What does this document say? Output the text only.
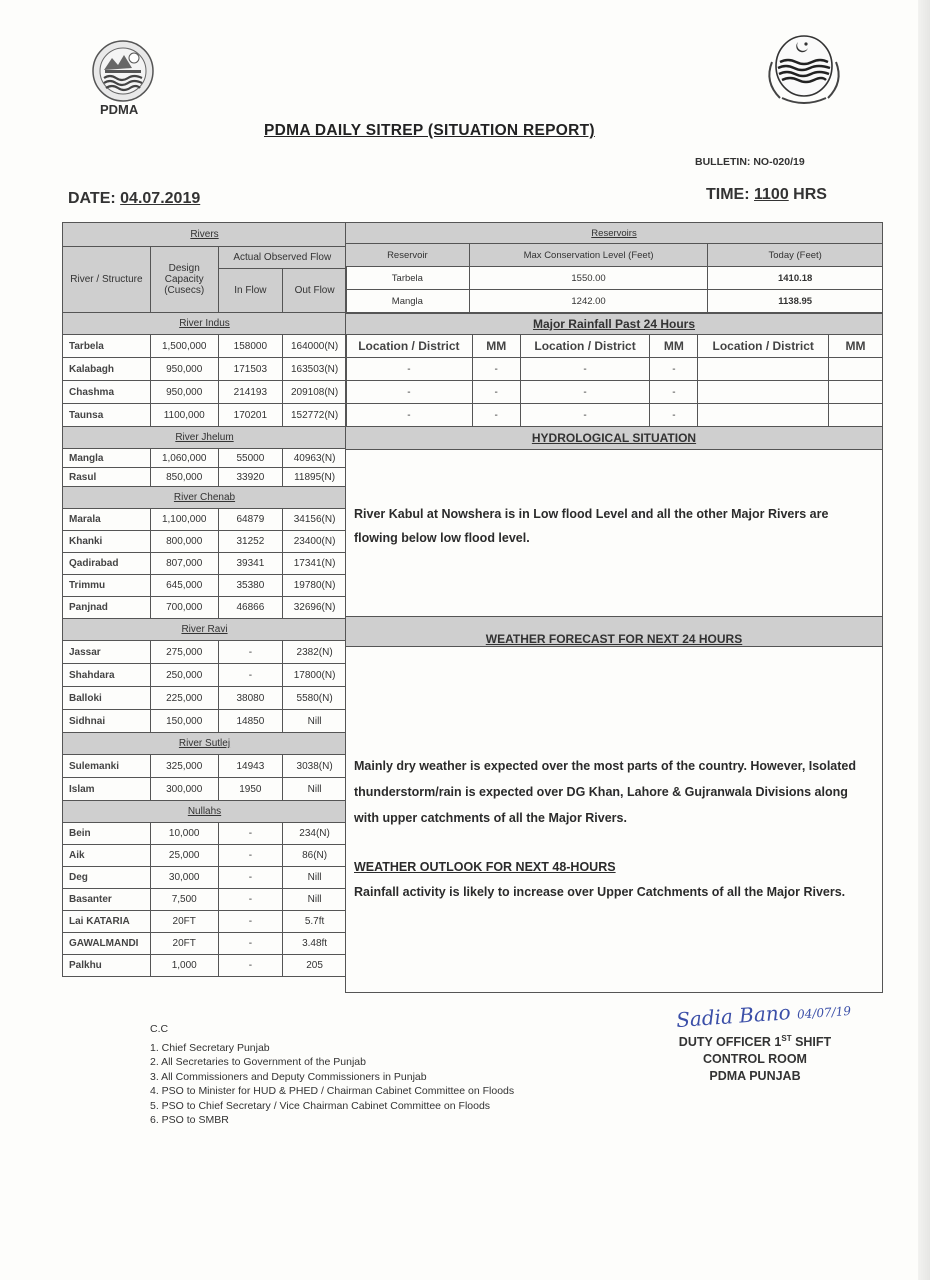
PDMA
PDMA DAILY SITREP (SITUATION REPORT)
BULLETIN: NO-020/19
DATE: 04.07.2019	TIME: 1100 HRS
Rivers			
River / Structure	Design Capacity (Cusecs)	Actual Observed Flow	
		In Flow	Out Flow
River Indus			
Tarbela	1,500,000	158000	164000(N)
Kalabagh	950,000	171503	163503(N)
Chashma	950,000	214193	209108(N)
Taunsa	1100,000	170201	152772(N)
River Jhelum			
Mangla	1,060,000	55000	40963(N)
Rasul	850,000	33920	11895(N)
River Chenab			
Marala	1,100,000	64879	34156(N)
Khanki	800,000	31252	23400(N)
Qadirabad	807,000	39341	17341(N)
Trimmu	645,000	35380	19780(N)
Panjnad	700,000	46866	32696(N)
River Ravi			
Jassar	275,000	-	2382(N)
Shahdara	250,000	-	17800(N)
Balloki	225,000	38080	5580(N)
Sidhnai	150,000	14850	Nill
River Sutlej			
Sulemanki	325,000	14943	3038(N)
Islam	300,000	1950	Nill
Nullahs			
Bein	10,000	-	234(N)
Aik	25,000	-	86(N)
Deg	30,000	-	Nill
Basanter	7,500	-	Nill
Lai KATARIA	20FT	-	5.7ft
GAWALMANDI	20FT	-	3.48ft
Palkhu	1,000	-	205
Reservoirs		
Reservoir	Max Conservation Level (Feet)	Today (Feet)
Tarbela	1550.00	1410.18
Mangla	1242.00	1138.95
Major Rainfall Past 24 Hours					
Location / District	MM	Location / District	MM	Location / District	MM
-	-	-	-		
-	-	-	-		
-	-	-	-		
HYDROLOGICAL SITUATION
River Kabul at Nowshera is in Low flood Level and all the other Major Rivers are flowing below low flood level.
WEATHER FORECAST FOR NEXT 24 HOURS
Mainly dry weather is expected over the most parts of the country. However, Isolated thunderstorm/rain is expected over DG Khan, Lahore & Gujranwala Divisions along with upper catchments of all the Major Rivers.
WEATHER OUTLOOK FOR NEXT 48-HOURS
Rainfall activity is likely to increase over Upper Catchments of all the Major Rivers.
C.C
1. Chief Secretary Punjab
2. All Secretaries to Government of the Punjab
3. All Commissioners and Deputy Commissioners in Punjab
4. PSO to Minister for HUD & PHED / Chairman Cabinet Committee on Floods
5. PSO to Chief Secretary / Vice Chairman Cabinet Committee on Floods
6. PSO to SMBR
Sadia Bano 04/07/19
DUTY OFFICER 1ST SHIFT
CONTROL ROOM
PDMA PUNJAB
